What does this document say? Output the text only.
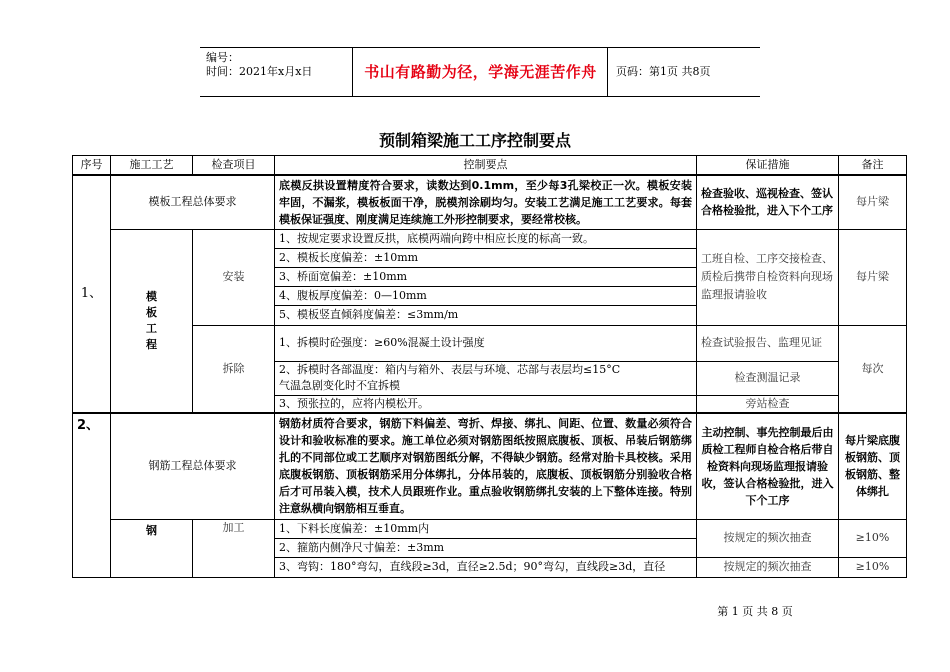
编号：
时间：2021年x月x日	书山有路勤为径，学海无涯苦作舟	页码：第1页 共8页
预制箱梁施工工序控制要点
序号	施工工艺	检查项目	控制要点	保证措施	备注
1、	模板工程总体要求		底模反拱设置精度符合要求，读数达到0.1mm，至少每3孔梁校正一次。模板安装牢固，不漏浆，模板板面干净，脱模剂涂刷均匀。安装工艺满足施工工艺要求。每套模板保证强度、刚度满足连续施工外形控制要求，要经常校核。	检查验收、巡视检查、签认合格检验批，进入下个工序	每片梁
	模
板
工
程	安装	1、按规定要求设置反拱，底模两端向跨中相应长度的标高一致。	工班自检、工序交接检查、质检后携带自检资料向现场监理报请验收	每片梁
			2、模板长度偏差：±10mm		
			3、桥面宽偏差：±10mm		
			4、腹板厚度偏差：0—10mm		
			5、模板竖直倾斜度偏差：≤3mm/m		
		拆除	1、拆模时砼强度：≥60%混凝土设计强度	检查试验报告、监理见证	每次
			2、拆模时各部温度：箱内与箱外、表层与环境、芯部与表层均≤15°C
气温急剧变化时不宜拆模	检查测温记录	

			3、预张拉的，应将内模松开。	旁站检查	
2、	钢筋工程总体要求		钢筋材质符合要求，钢筋下料偏差、弯折、焊接、绑扎、间距、位置、数量必须符合设计和验收标准的要求。施工单位必须对钢筋图纸按照底腹板、顶板、吊装后钢筋绑扎的不同部位或工艺顺序对钢筋图纸分解，不得缺少钢筋。经常对胎卡具校核。采用底腹板钢筋、顶板钢筋采用分体绑扎，分体吊装的，底腹板、顶板钢筋分别验收合格后才可吊装入模，技术人员跟班作业。重点验收钢筋绑扎安装的上下整体连接。特别注意纵横向钢筋相互垂直。	主动控制、事先控制最后由质检工程师自检合格后带自检资料向现场监理报请验收，签认合格检验批，进入下个工序	每片梁底腹板钢筋、顶板钢筋、整体绑扎
	钢	加工	1、下料长度偏差：±10mm内	按规定的频次抽查	≥10%
			2、箍筋内侧净尺寸偏差：±3mm		
			3、弯钩：180°弯勾，直线段≥3d，直径≥2.5d；90°弯勾，直线段≥3d，直径	按规定的频次抽查	≥10%
第 1 页 共 8 页
